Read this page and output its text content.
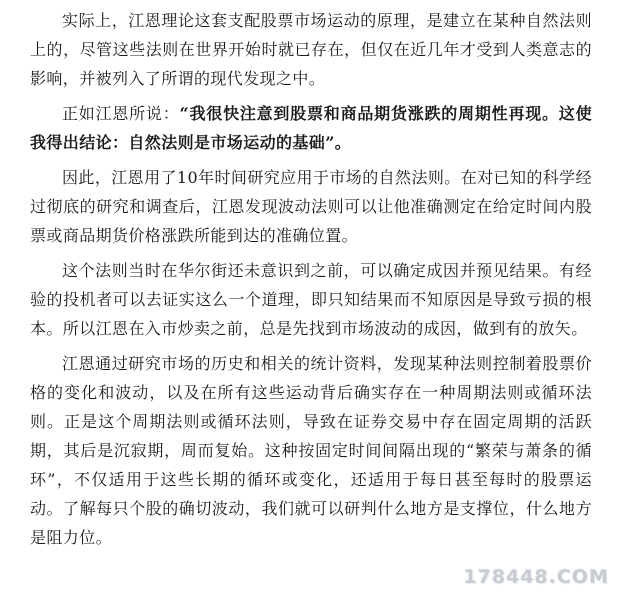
实际上，江恩理论这套支配股票市场运动的原理，是建立在某种自然法则上的，尽管这些法则在世界开始时就已存在，但仅在近几年才受到人类意志的影响，并被列入了所谓的现代发现之中。

正如江恩所说：“我很快注意到股票和商品期货涨跌的周期性再现。这使我得出结论：自然法则是市场运动的基础”。

因此，江恩用了10年时间研究应用于市场的自然法则。在对已知的科学经过彻底的研究和调查后，江恩发现波动法则可以让他准确测定在给定时间内股票或商品期货价格涨跌所能到达的准确位置。

这个法则当时在华尔街还未意识到之前，可以确定成因并预见结果。有经验的投机者可以去证实这么一个道理，即只知结果而不知原因是导致亏损的根本。所以江恩在入市炒卖之前，总是先找到市场波动的成因，做到有的放矢。

江恩通过研究市场的历史和相关的统计资料，发现某种法则控制着股票价格的变化和波动，以及在所有这些运动背后确实存在一种周期法则或循环法则。正是这个周期法则或循环法则，导致在证券交易中存在固定周期的活跃期，其后是沉寂期，周而复始。这种按固定时间间隔出现的“繁荣与萧条的循环”，不仅适用于这些长期的循环或变化，还适用于每日甚至每时的股票运动。了解每只个股的确切波动，我们就可以研判什么地方是支撑位，什么地方是阻力位。

178448.COM
